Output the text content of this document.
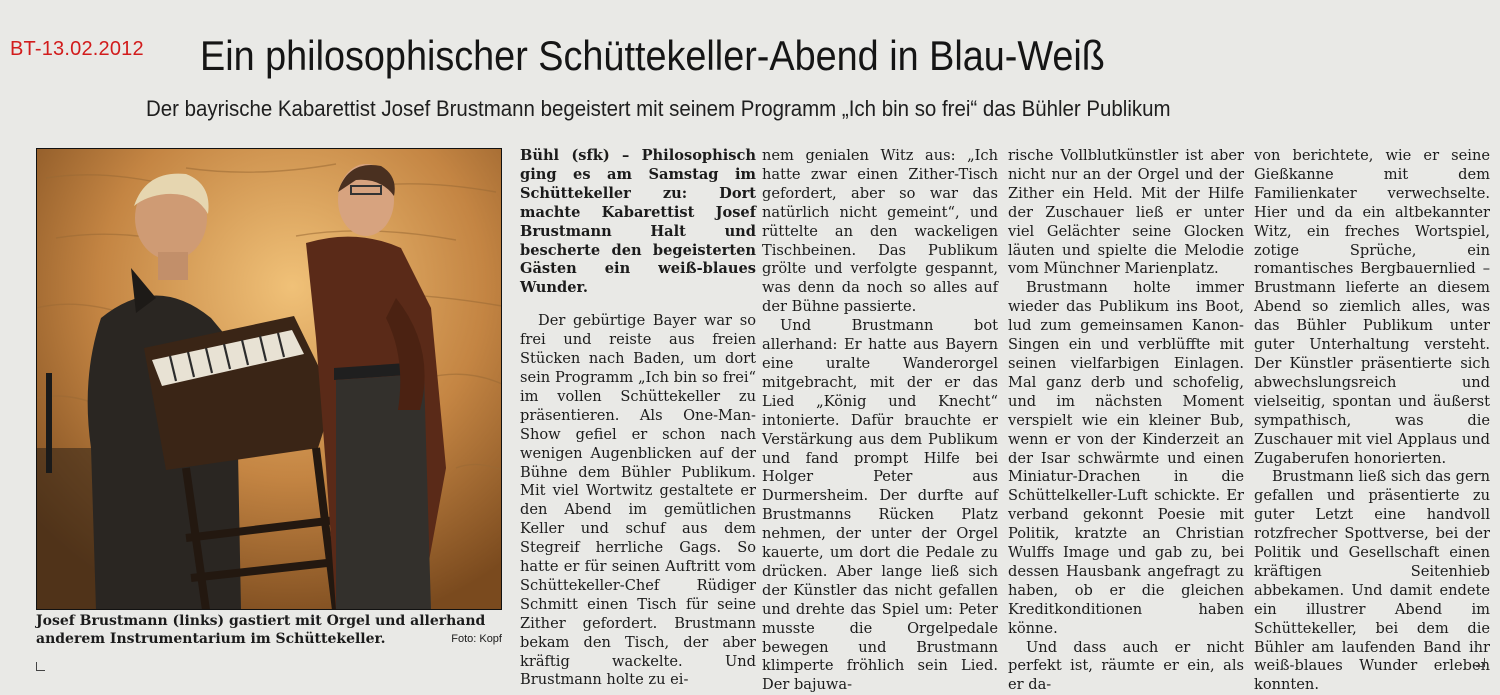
BT-13.02.2012 Ein philosophischer Schüttekeller-Abend in Blau-Weiß
Der bayrische Kabarettist Josef Brustmann begeistert mit seinem Programm „Ich bin so frei“ das Bühler Publikum
Josef Brustmann (links) gastiert mit Orgel und allerhand anderem Instrumentarium im Schüttekeller.	Foto: Kopf

Bühl (sfk) – Philosophisch ging es am Samstag im Schüttekeller zu: Dort machte Kabarettist Josef Brustmann Halt und bescherte den begeisterten Gästen ein weiß-blaues Wunder.

Der gebürtige Bayer war so frei und reiste aus freien Stücken nach Baden, um dort sein Programm „Ich bin so frei“ im vollen Schüttekeller zu präsentieren. Als One-Man-Show gefiel er schon nach wenigen Augenblicken auf der Bühne dem Bühler Publikum. Mit viel Wortwitz gestaltete er den Abend im gemütlichen Keller und schuf aus dem Stegreif herrliche Gags. So hatte er für seinen Auftritt vom Schüttekeller-Chef Rüdiger Schmitt einen Tisch für seine Zither gefordert. Brustmann bekam den Tisch, der aber kräftig wackelte. Und Brustmann holte zu ei-

nem genialen Witz aus: „Ich hatte zwar einen Zither-Tisch gefordert, aber so war das natürlich nicht gemeint“, und rüttelte an den wackeligen Tischbeinen. Das Publikum grölte und verfolgte gespannt, was denn da noch so alles auf der Bühne passierte.

Und Brustmann bot allerhand: Er hatte aus Bayern eine uralte Wanderorgel mitgebracht, mit der er das Lied „König und Knecht“ intonierte. Dafür brauchte er Verstärkung aus dem Publikum und fand prompt Hilfe bei Holger Peter aus Durmersheim. Der durfte auf Brustmanns Rücken Platz nehmen, der unter der Orgel kauerte, um dort die Pedale zu drücken. Aber lange ließ sich der Künstler das nicht gefallen und drehte das Spiel um: Peter musste die Orgelpedale bewegen und Brustmann klimperte fröhlich sein Lied. Der bajuwa-

rische Vollblutkünstler ist aber nicht nur an der Orgel und der Zither ein Held. Mit der Hilfe der Zuschauer ließ er unter viel Gelächter seine Glocken läuten und spielte die Melodie vom Münchner Marienplatz.

Brustmann holte immer wieder das Publikum ins Boot, lud zum gemeinsamen Kanon-Singen ein und verblüffte mit seinen vielfarbigen Einlagen. Mal ganz derb und schofelig, und im nächsten Moment verspielt wie ein kleiner Bub, wenn er von der Kinderzeit an der Isar schwärmte und einen Miniatur-Drachen in die Schüttelkeller-Luft schickte. Er verband gekonnt Poesie mit Politik, kratzte an Christian Wulffs Image und gab zu, bei dessen Hausbank angefragt zu haben, ob er die gleichen Kreditkonditionen haben könne.

Und dass auch er nicht perfekt ist, räumte er ein, als er da-

von berichtete, wie er seine Gießkanne mit dem Familienkater verwechselte. Hier und da ein altbekannter Witz, ein freches Wortspiel, zotige Sprüche, ein romantisches Bergbauernlied – Brustmann lieferte an diesem Abend so ziemlich alles, was das Bühler Publikum unter guter Unterhaltung versteht. Der Künstler präsentierte sich abwechslungsreich und vielseitig, spontan und äußerst sympathisch, was die Zuschauer mit viel Applaus und Zugaberufen honorierten.

Brustmann ließ sich das gern gefallen und präsentierte zu guter Letzt eine handvoll rotzfrecher Spottverse, bei der Politik und Gesellschaft einen kräftigen Seitenhieb abbekamen. Und damit endete ein illustrer Abend im Schüttekeller, bei dem die Bühler am laufenden Band ihr weiß-blaues Wunder erleben konnten.
